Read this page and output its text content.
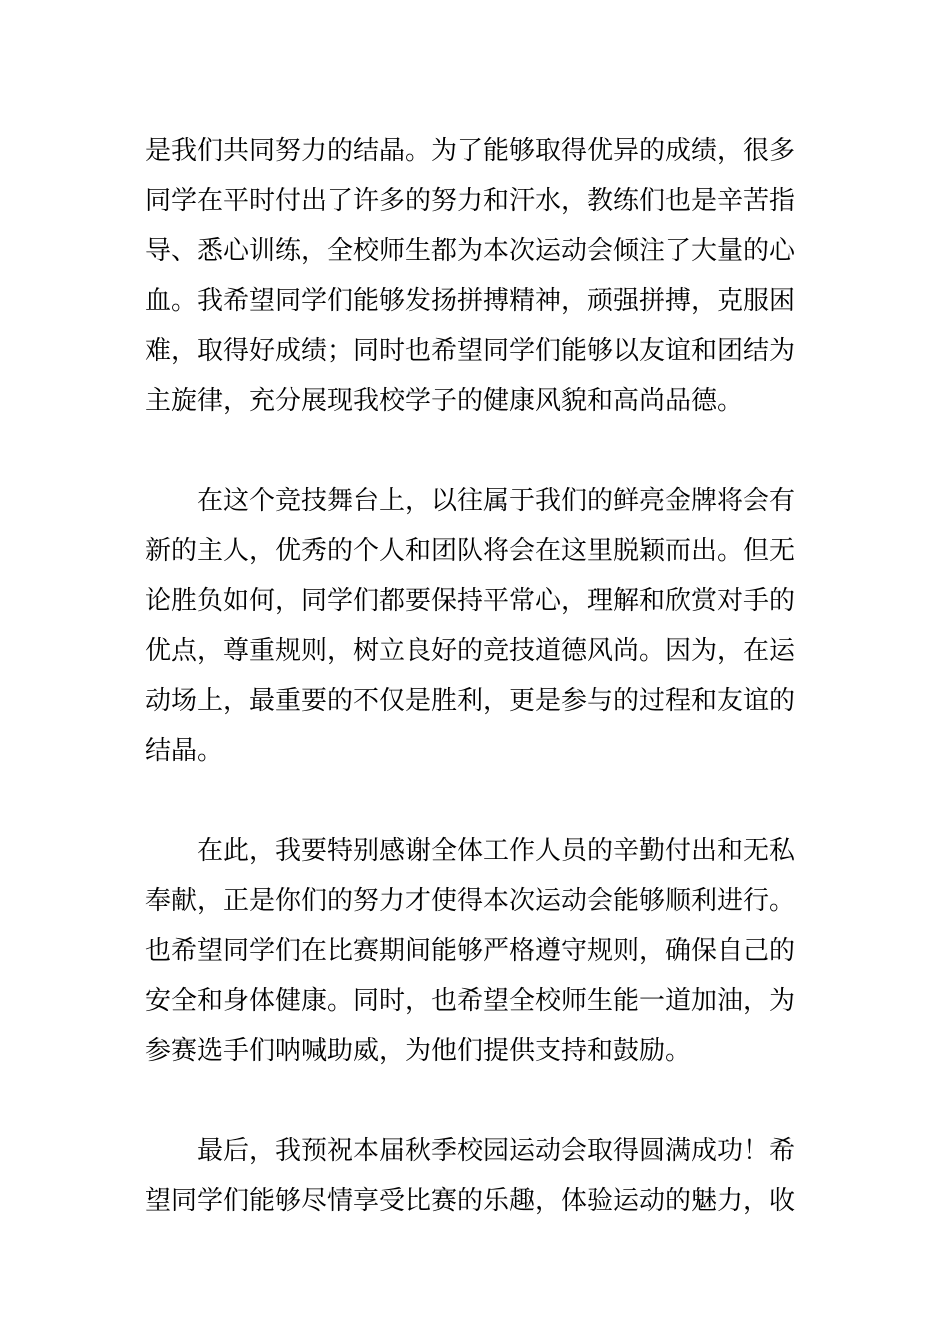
是我们共同努力的结晶。为了能够取得优异的成绩，很多
同学在平时付出了许多的努力和汗水，教练们也是辛苦指
导、悉心训练，全校师生都为本次运动会倾注了大量的心
血。我希望同学们能够发扬拼搏精神，顽强拼搏，克服困
难，取得好成绩；同时也希望同学们能够以友谊和团结为
主旋律，充分展现我校学子的健康风貌和高尚品德。

在这个竞技舞台上，以往属于我们的鲜亮金牌将会有
新的主人，优秀的个人和团队将会在这里脱颖而出。但无
论胜负如何，同学们都要保持平常心，理解和欣赏对手的
优点，尊重规则，树立良好的竞技道德风尚。因为，在运
动场上，最重要的不仅是胜利，更是参与的过程和友谊的
结晶。

在此，我要特别感谢全体工作人员的辛勤付出和无私
奉献，正是你们的努力才使得本次运动会能够顺利进行。
也希望同学们在比赛期间能够严格遵守规则，确保自己的
安全和身体健康。同时，也希望全校师生能一道加油，为
参赛选手们呐喊助威，为他们提供支持和鼓励。

最后，我预祝本届秋季校园运动会取得圆满成功！希
望同学们能够尽情享受比赛的乐趣，体验运动的魅力，收
